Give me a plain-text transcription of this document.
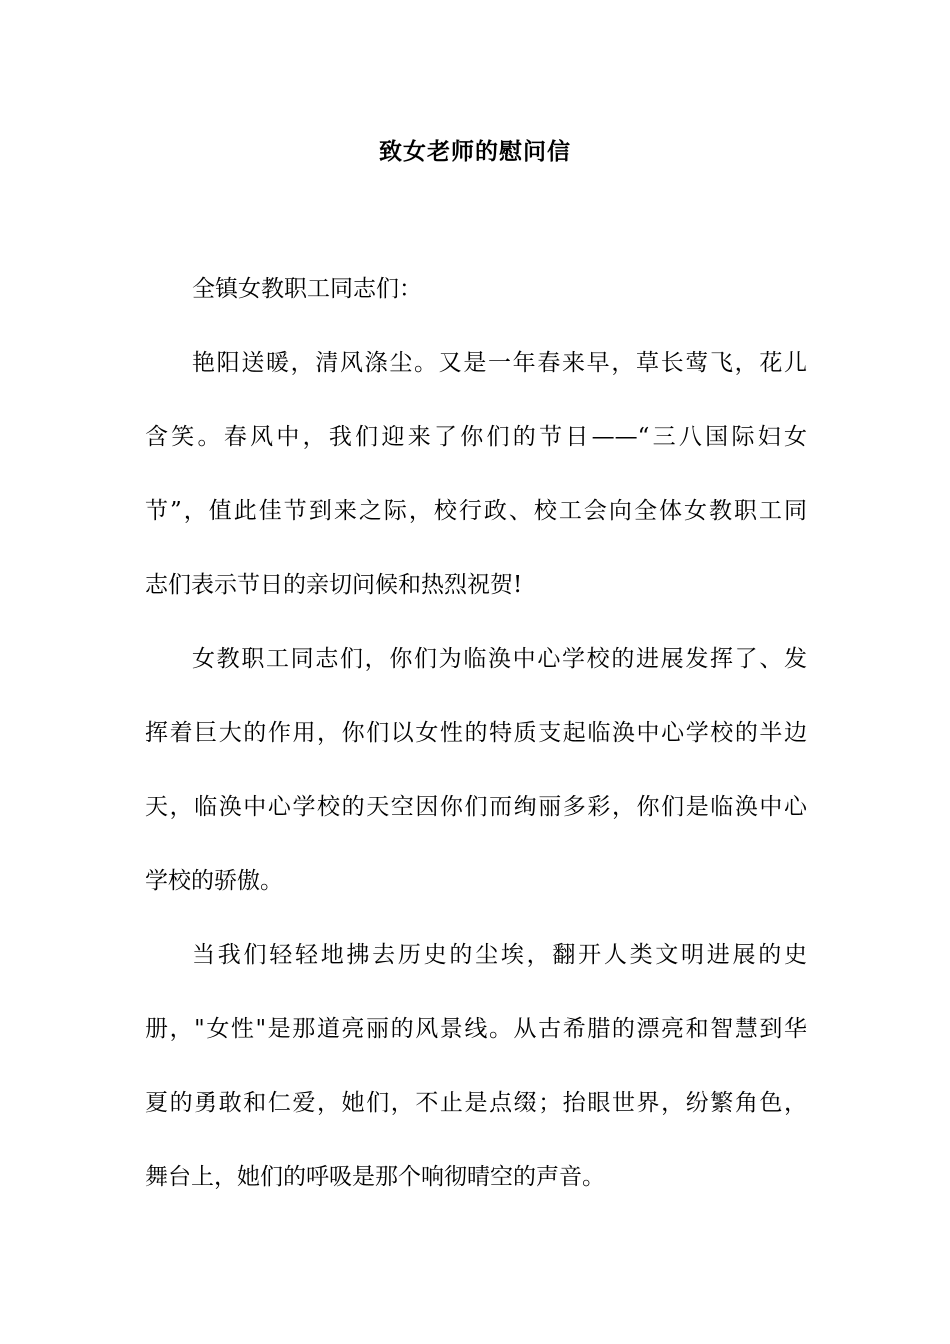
致女老师的慰问信
全镇女教职工同志们：
艳阳送暖，清风涤尘。又是一年春来早，草长莺飞，花儿
含笑。春风中，我们迎来了你们的节日——“三八国际妇女
节”，值此佳节到来之际，校行政、校工会向全体女教职工同
志们表示节日的亲切问候和热烈祝贺!
女教职工同志们，你们为临涣中心学校的进展发挥了、发
挥着巨大的作用，你们以女性的特质支起临涣中心学校的半边
天，临涣中心学校的天空因你们而绚丽多彩，你们是临涣中心
学校的骄傲。
当我们轻轻地拂去历史的尘埃，翻开人类文明进展的史
册，"女性"是那道亮丽的风景线。从古希腊的漂亮和智慧到华
夏的勇敢和仁爱，她们，不止是点缀；抬眼世界，纷繁角色，
舞台上，她们的呼吸是那个响彻晴空的声音。
